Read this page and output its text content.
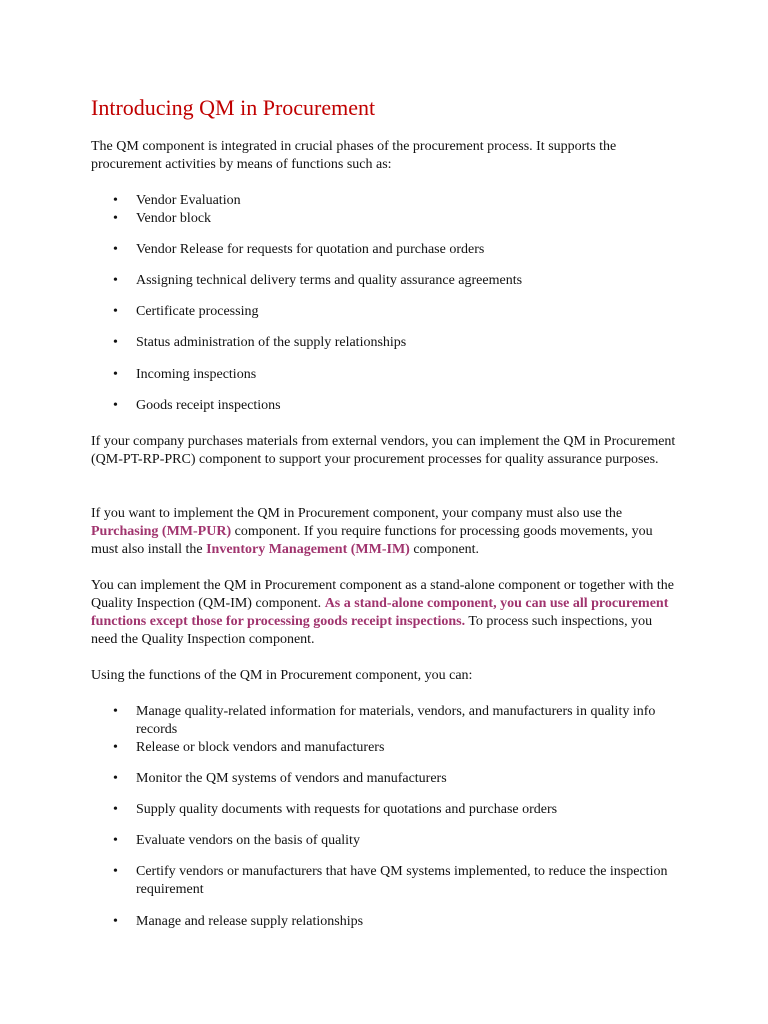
Introducing QM in Procurement

The QM component is integrated in crucial phases of the procurement process. It supports the procurement activities by means of functions such as:

• Vendor Evaluation
• Vendor block
• Vendor Release for requests for quotation and purchase orders
• Assigning technical delivery terms and quality assurance agreements
• Certificate processing
• Status administration of the supply relationships
• Incoming inspections
• Goods receipt inspections

If your company purchases materials from external vendors, you can implement the QM in Procurement (QM-PT-RP-PRC) component to support your procurement processes for quality assurance purposes.

If you want to implement the QM in Procurement component, your company must also use the Purchasing (MM-PUR) component. If you require functions for processing goods movements, you must also install the Inventory Management (MM-IM) component.

You can implement the QM in Procurement component as a stand-alone component or together with the Quality Inspection (QM-IM) component. As a stand-alone component, you can use all procurement functions except those for processing goods receipt inspections. To process such inspections, you need the Quality Inspection component.

Using the functions of the QM in Procurement component, you can:

• Manage quality-related information for materials, vendors, and manufacturers in quality info records
• Release or block vendors and manufacturers
• Monitor the QM systems of vendors and manufacturers
• Supply quality documents with requests for quotations and purchase orders
• Evaluate vendors on the basis of quality
• Certify vendors or manufacturers that have QM systems implemented, to reduce the inspection requirement
• Manage and release supply relationships
